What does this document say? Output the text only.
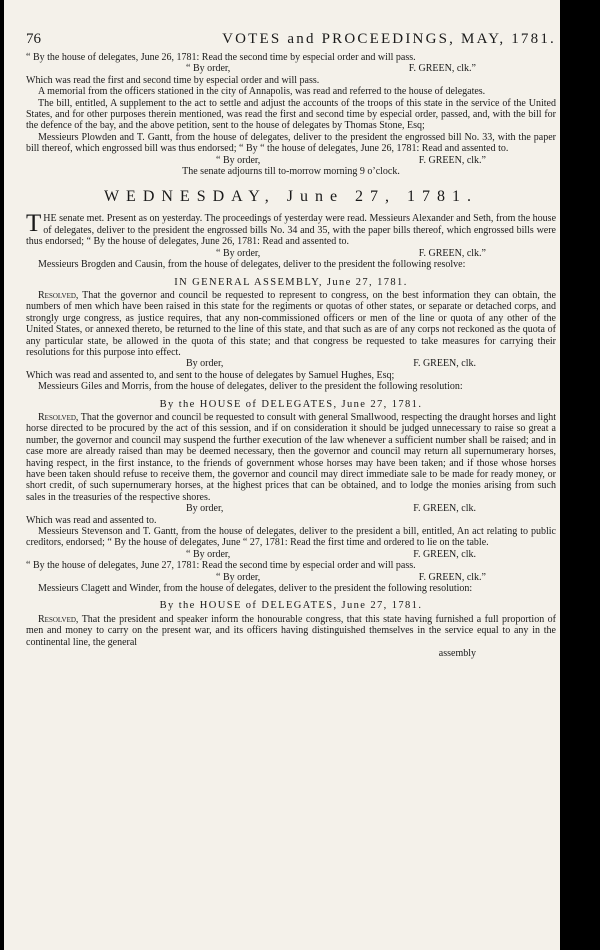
76	VOTES and PROCEEDINGS, MAY, 1781.

“ By the house of delegates, June 26, 1781: Read the second time by especial order and will pass.

“ By order,	F. GREEN, clk.”

Which was read the first and second time by especial order and will pass.

A memorial from the officers stationed in the city of Annapolis, was read and referred to the house of delegates.

The bill, entitled, A supplement to the act to settle and adjust the accounts of the troops of this state in the service of the United States, and for other purposes therein mentioned, was read the first and second time by especial order, passed, and, with the bill for the defence of the bay, and the above petition, sent to the house of delegates by Thomas Stone, Esq;

Messieurs Plowden and T. Gantt, from the house of delegates, deliver to the president the engrossed bill No. 33, with the paper bill thereof, which engrossed bill was thus endorsed; “ By “ the house of delegates, June 26, 1781: Read and assented to.

“ By order,	F. GREEN, clk.”

The senate adjourns till to-morrow morning 9 o’clock.

WEDNESDAY, June 27, 1781.

THE senate met. Present as on yesterday. The proceedings of yesterday were read. Messieurs Alexander and Seth, from the house of delegates, deliver to the president the engrossed bills No. 34 and 35, with the paper bills thereof, which engrossed bills were thus endorsed; “ By the house of delegates, June 26, 1781: Read and assented to.

“ By order,	F. GREEN, clk.”

Messieurs Brogden and Causin, from the house of delegates, deliver to the president the following resolve:

IN GENERAL ASSEMBLY, June 27, 1781.

Resolved, That the governor and council be requested to represent to congress, on the best information they can obtain, the numbers of men which have been raised in this state for the regiments or quotas of other states, or separate or detached corps, and strongly urge congress, as justice requires, that any non-commissioned officers or men of the line or quota of any other of the United States, or annexed thereto, be returned to the line of this state, and that such as are of any corps not reckoned as the quota of any particular state, be allowed in the quota of this state; and that congress be requested to take measures for carrying their resolutions for this purpose into effect.

By order,	F. GREEN, clk.

Which was read and assented to, and sent to the house of delegates by Samuel Hughes, Esq;

Messieurs Giles and Morris, from the house of delegates, deliver to the president the following resolution:

By the HOUSE of DELEGATES, June 27, 1781.

Resolved, That the governor and council be requested to consult with general Smallwood, respecting the draught horses and light horse directed to be procured by the act of this session, and if on consideration it should be judged unnecessary to raise so great a number, the governor and council may suspend the further execution of the law whenever a sufficient number shall be raised; and in case more are already raised than may be deemed necessary, then the governor and council may return all supernumerary horses, having respect, in the first instance, to the friends of government whose horses may have been taken; and if those whose horses have been taken should refuse to receive them, the governor and council may direct immediate sale to be made for ready money, or short credit, of such supernumerary horses, at the highest prices that can be obtained, and to lodge the monies arising from such sales in the treasuries of the respective shores.

By order,	F. GREEN, clk.

Which was read and assented to.

Messieurs Stevenson and T. Gantt, from the house of delegates, deliver to the president a bill, entitled, An act relating to public creditors, endorsed; “ By the house of delegates, June “ 27, 1781: Read the first time and ordered to lie on the table.

“ By order,	F. GREEN, clk.

“ By the house of delegates, June 27, 1781: Read the second time by especial order and will pass.

“ By order,	F. GREEN, clk.”

Messieurs Clagett and Winder, from the house of delegates, deliver to the president the following resolution:

By the HOUSE of DELEGATES, June 27, 1781.

Resolved, That the president and speaker inform the honourable congress, that this state having furnished a full proportion of men and money to carry on the present war, and its officers having distinguished themselves in the service equal to any in the continental line, the general

assembly
